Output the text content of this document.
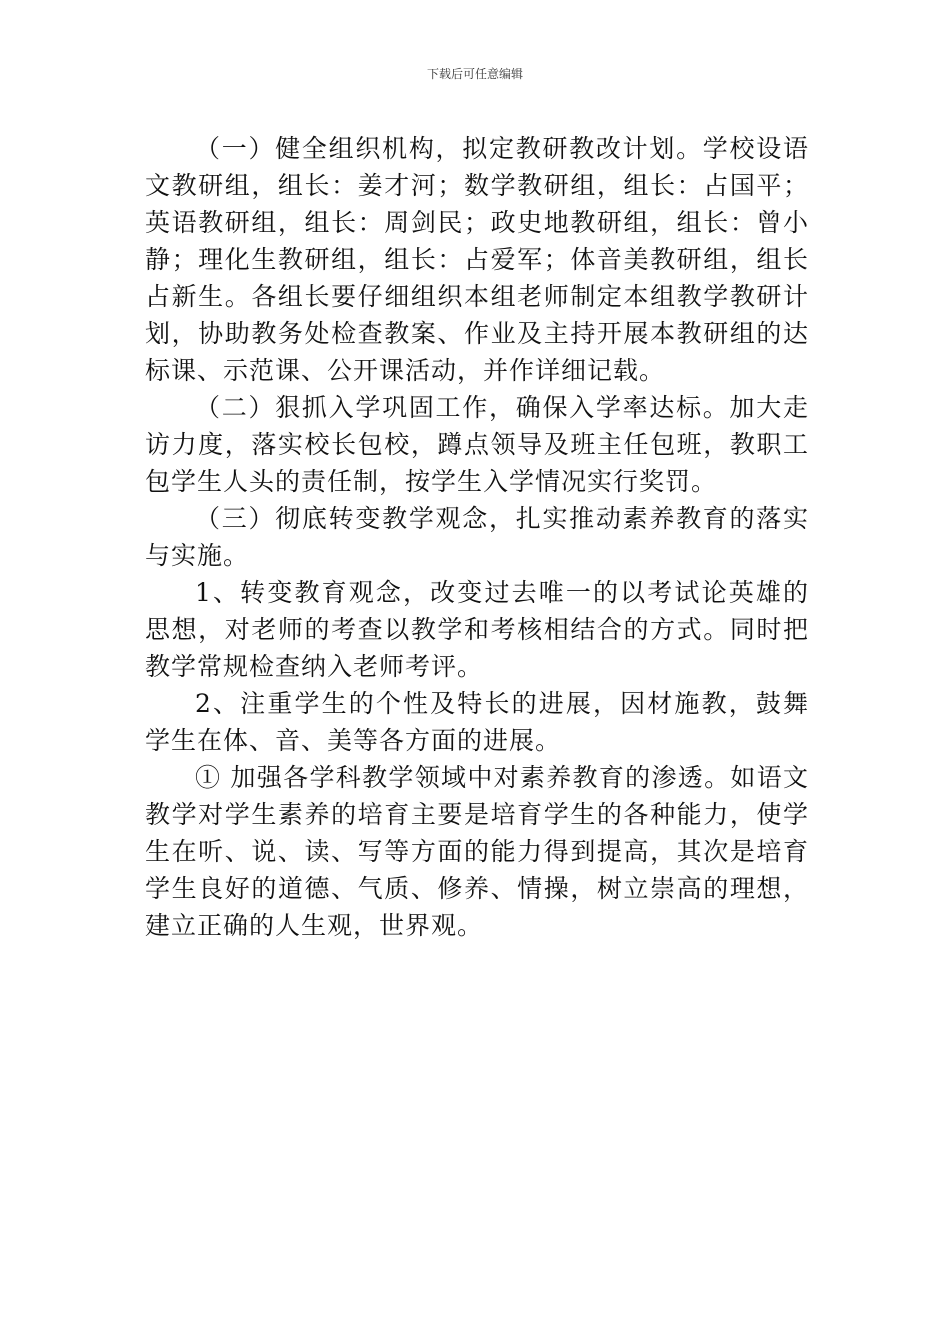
下载后可任意编辑

（一）健全组织机构，拟定教研教改计划。学校设语文教研组，组长：姜才河；数学教研组，组长：占国平；英语教研组，组长：周剑民；政史地教研组，组长：曾小静；理化生教研组，组长：占爱军；体音美教研组，组长占新生。各组长要仔细组织本组老师制定本组教学教研计划，协助教务处检查教案、作业及主持开展本教研组的达标课、示范课、公开课活动，并作详细记载。

（二）狠抓入学巩固工作，确保入学率达标。加大走访力度，落实校长包校，蹲点领导及班主任包班，教职工包学生人头的责任制，按学生入学情况实行奖罚。

（三）彻底转变教学观念，扎实推动素养教育的落实与实施。

1、转变教育观念，改变过去唯一的以考试论英雄的思想，对老师的考查以教学和考核相结合的方式。同时把教学常规检查纳入老师考评。

2、注重学生的个性及特长的进展，因材施教，鼓舞学生在体、音、美等各方面的进展。

① 加强各学科教学领域中对素养教育的渗透。如语文教学对学生素养的培育主要是培育学生的各种能力，使学生在听、说、读、写等方面的能力得到提高，其次是培育学生良好的道德、气质、修养、情操，树立崇高的理想，建立正确的人生观，世界观。
